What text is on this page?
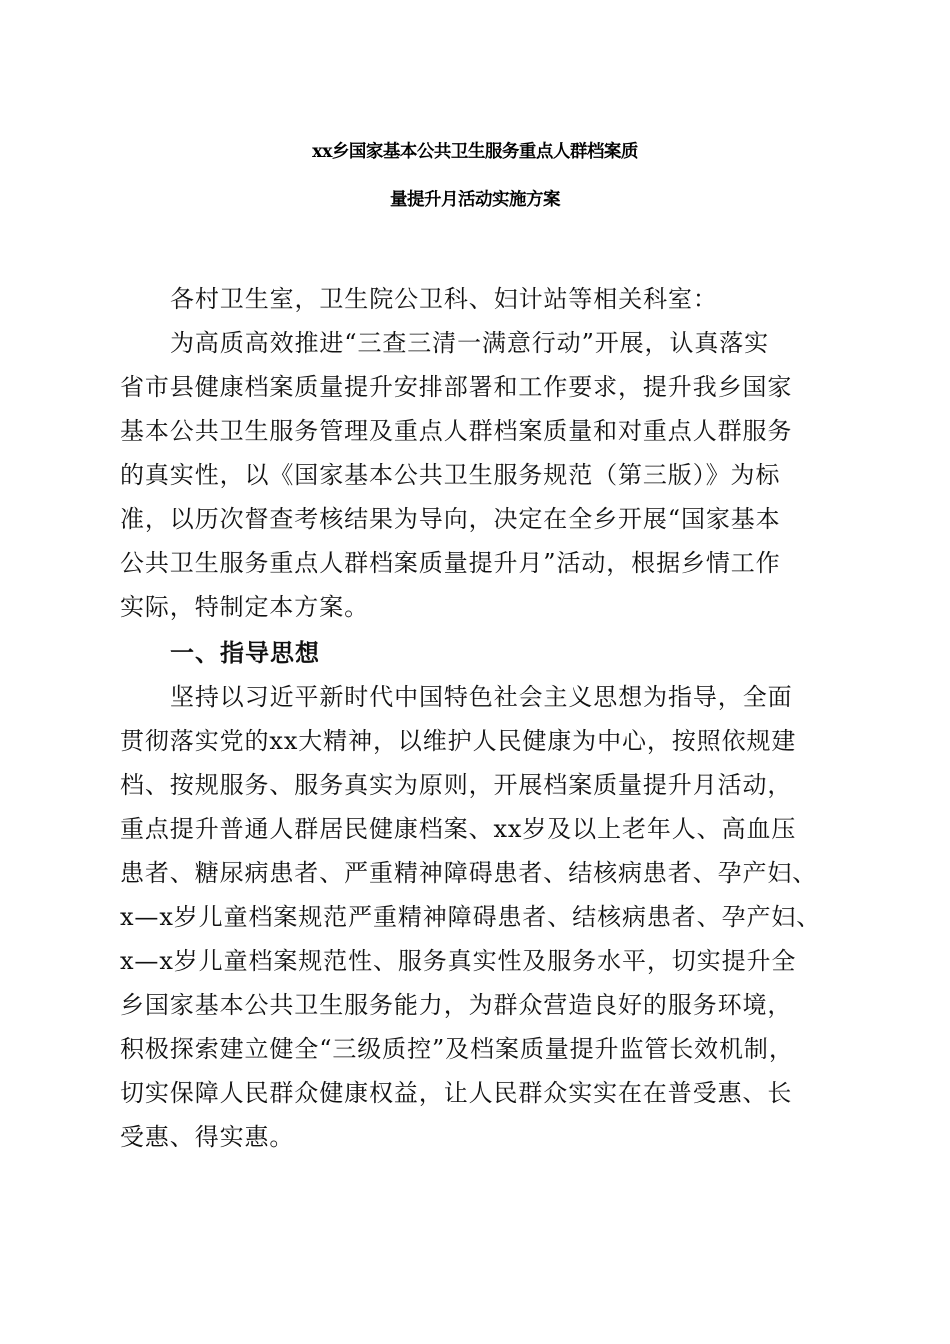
xx乡国家基本公共卫生服务重点人群档案质
量提升月活动实施方案
各村卫生室，卫生院公卫科、妇计站等相关科室：
为高质高效推进“三查三清一满意行动”开展，认真落实
省市县健康档案质量提升安排部署和工作要求，提升我乡国家
基本公共卫生服务管理及重点人群档案质量和对重点人群服务
的真实性，以《国家基本公共卫生服务规范（第三版）》为标
准，以历次督查考核结果为导向，决定在全乡开展“国家基本
公共卫生服务重点人群档案质量提升月”活动，根据乡情工作
实际，特制定本方案。
一、指导思想
坚持以习近平新时代中国特色社会主义思想为指导，全面
贯彻落实党的xx大精神，以维护人民健康为中心，按照依规建
档、按规服务、服务真实为原则，开展档案质量提升月活动，
重点提升普通人群居民健康档案、xx岁及以上老年人、高血压
患者、糖尿病患者、严重精神障碍患者、结核病患者、孕产妇、
x—x岁儿童档案规范严重精神障碍患者、结核病患者、孕产妇、
x—x岁儿童档案规范性、服务真实性及服务水平，切实提升全
乡国家基本公共卫生服务能力，为群众营造良好的服务环境，
积极探索建立健全“三级质控”及档案质量提升监管长效机制，
切实保障人民群众健康权益，让人民群众实实在在普受惠、长
受惠、得实惠。
